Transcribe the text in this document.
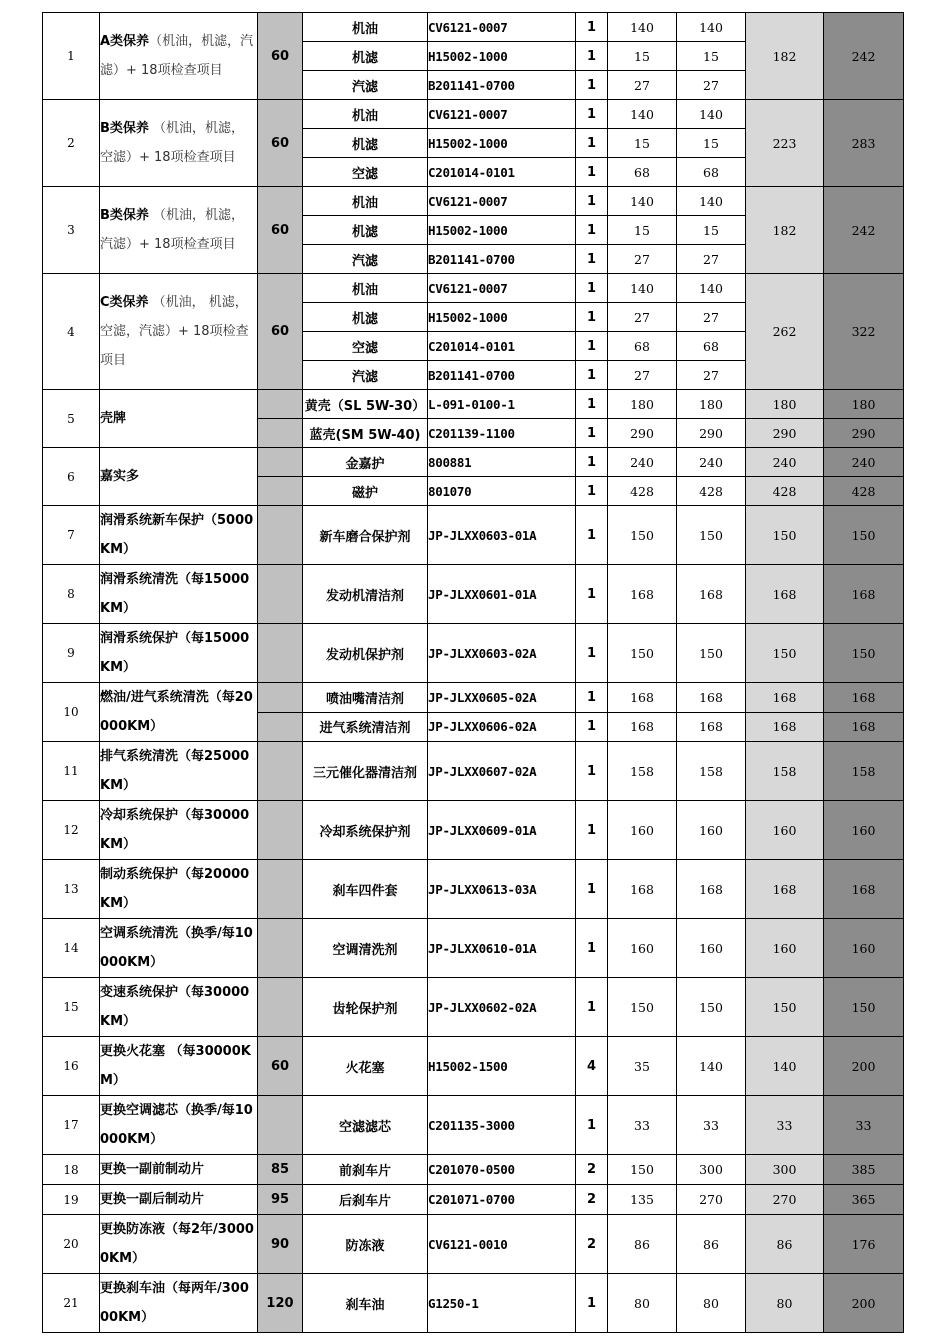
1	A类保养（机油，机滤，汽滤）+ 18项检查项目	60	机油	CV6121-0007	1	140	140	182	242
			机滤	H15002-1000	1	15	15		
			汽滤	B201141-0700	1	27	27		
2	B类保养 （机油，机滤，空滤）+ 18项检查项目	60	机油	CV6121-0007	1	140	140	223	283
			机滤	H15002-1000	1	15	15		
			空滤	C201014-0101	1	68	68		
3	B类保养 （机油，机滤，汽滤）+ 18项检查项目	60	机油	CV6121-0007	1	140	140	182	242
			机滤	H15002-1000	1	15	15		
			汽滤	B201141-0700	1	27	27		
4	C类保养 （机油， 机滤，空滤，汽滤）+ 18项检查项目	60	机油	CV6121-0007	1	140	140	262	322
			机滤	H15002-1000	1	27	27		
			空滤	C201014-0101	1	68	68		
			汽滤	B201141-0700	1	27	27		
5	壳牌		黄壳（SL 5W-30）	L-091-0100-1	1	180	180	180	180
			蓝壳(SM 5W-40)	C201139-1100	1	290	290	290	290
6	嘉实多		金嘉护	800881	1	240	240	240	240
			磁护	801070	1	428	428	428	428
7	润滑系统新车保护（5000KM）		新车磨合保护剂	JP-JLXX0603-01A	1	150	150	150	150
8	润滑系统清洗（每15000KM）		发动机清洁剂	JP-JLXX0601-01A	1	168	168	168	168
9	润滑系统保护（每15000KM）		发动机保护剂	JP-JLXX0603-02A	1	150	150	150	150
10	燃油/进气系统清洗（每20000KM）		喷油嘴清洁剂	JP-JLXX0605-02A	1	168	168	168	168
			进气系统清洁剂	JP-JLXX0606-02A	1	168	168	168	168
11	排气系统清洗（每25000KM）		三元催化器清洁剂	JP-JLXX0607-02A	1	158	158	158	158
12	冷却系统保护（每30000KM）		冷却系统保护剂	JP-JLXX0609-01A	1	160	160	160	160
13	制动系统保护（每20000KM）		刹车四件套	JP-JLXX0613-03A	1	168	168	168	168
14	空调系统清洗（换季/每10000KM）		空调清洗剂	JP-JLXX0610-01A	1	160	160	160	160
15	变速系统保护（每30000KM）		齿轮保护剂	JP-JLXX0602-02A	1	150	150	150	150
16	更换火花塞 （每30000KM）	60	火花塞	H15002-1500	4	35	140	140	200
17	更换空调滤芯（换季/每10000KM）		空滤滤芯	C201135-3000	1	33	33	33	33
18	更换一副前制动片	85	前刹车片	C201070-0500	2	150	300	300	385
19	更换一副后制动片	95	后刹车片	C201071-0700	2	135	270	270	365
20	更换防冻液（每2年/30000KM）	90	防冻液	CV6121-0010	2	86	86	86	176
21	更换刹车油（每两年/30000KM）	120	刹车油	G1250-1	1	80	80	80	200
